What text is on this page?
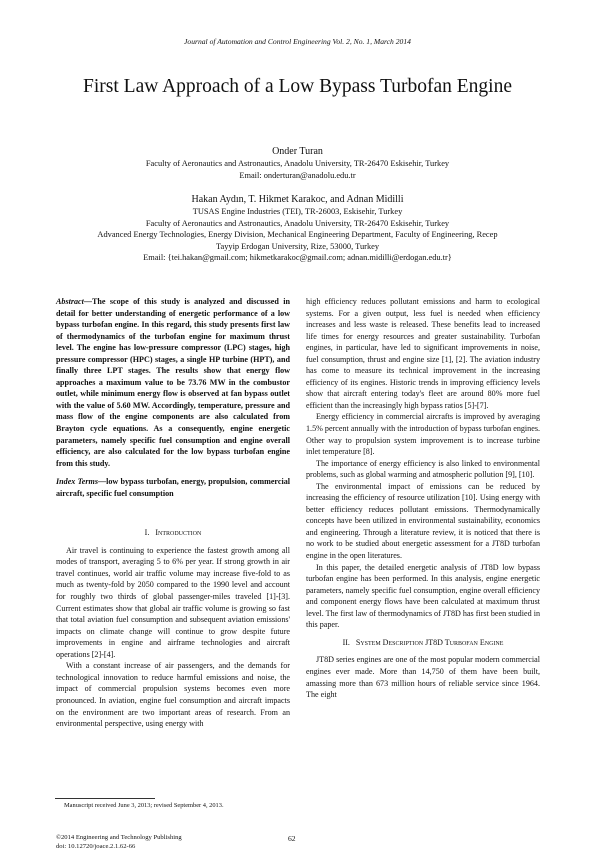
Journal of Automation and Control Engineering Vol. 2, No. 1, March 2014
First Law Approach of a Low Bypass Turbofan Engine
Onder Turan
Faculty of Aeronautics and Astronautics, Anadolu University, TR-26470 Eskisehir, Turkey
Email: onderturan@anadolu.edu.tr
Hakan Aydın, T. Hikmet Karakoc, and Adnan Midilli
TUSAS Engine Industries (TEI), TR-26003, Eskisehir, Turkey
Faculty of Aeronautics and Astronautics, Anadolu University, TR-26470 Eskisehir, Turkey
Advanced Energy Technologies, Energy Division, Mechanical Engineering Department, Faculty of Engineering, Recep
Tayyip Erdogan University, Rize, 53000, Turkey
Email: {tei.hakan@gmail.com; hikmetkarakoc@gmail.com; adnan.midilli@erdogan.edu.tr}

Abstract—The scope of this study is analyzed and discussed in detail for better understanding of energetic performance of a low bypass turbofan engine. In this regard, this study presents first law of thermodynamics of the turbofan engine for maximum thrust level. The engine has low-pressure compressor (LPC) stages, high pressure compressor (HPC) stages, a single HP turbine (HPT), and finally three LPT stages. The results show that energy flow approaches a maximum value to be 73.76 MW in the combustor outlet, while minimum energy flow is observed at fan bypass outlet with the value of 5.60 MW. Accordingly, temperature, pressure and mass flow of the engine components are also calculated from Brayton cycle equations. As a consequently, engine energetic parameters, namely specific fuel consumption and engine overall efficiency, are also calculated for the low bypass turbofan engine from this study.

Index Terms—low bypass turbofan, energy, propulsion, commercial aircraft, specific fuel consumption

I. Introduction

Air travel is continuing to experience the fastest growth among all modes of transport, averaging 5 to 6% per year. If strong growth in air travel continues, world air traffic volume may increase five-fold to as much as twenty-fold by 2050 compared to the 1990 level and account for roughly two thirds of global passenger-miles traveled [1]-[3]. Current estimates show that global air traffic volume is growing so fast that total aviation fuel consumption and subsequent aviation emissions' impacts on climate change will continue to grow despite future improvements in engine and airframe technologies and aircraft operations [2]-[4].

With a constant increase of air passengers, and the demands for technological innovation to reduce harmful emissions and noise, the impact of commercial propulsion systems becomes even more pronounced. In aviation, engine fuel consumption and aircraft impacts on the environment are two important areas of research. From an environmental perspective, using energy with

high efficiency reduces pollutant emissions and harm to ecological systems. For a given output, less fuel is needed when efficiency increases and less waste is released. These benefits lead to increased life times for energy resources and greater sustainability. Turbofan engines, in particular, have led to significant improvements in noise, fuel consumption, thrust and engine size [1], [2]. The aviation industry has come to measure its technical improvement in the increasing efficiency of its engines. Historic trends in improving efficiency levels show that aircraft entering today's fleet are around 80% more fuel efficient than the increasingly high bypass ratios [5]-[7].

Energy efficiency in commercial aircrafts is improved by averaging 1.5% percent annually with the introduction of bypass turbofan engines. Other way to propulsion system improvement is to increase turbine inlet temperature [8].

The importance of energy efficiency is also linked to environmental problems, such as global warming and atmospheric pollution [9], [10].

The environmental impact of emissions can be reduced by increasing the efficiency of resource utilization [10]. Using energy with better efficiency reduces pollutant emissions. Thermodynamically concepts have been utilized in environmental sustainability, economics and engineering. Through a literature review, it is noticed that there is no work to be studied about energetic assessment for a JT8D turbofan engine in the open literatures.

In this paper, the detailed energetic analysis of JT8D low bypass turbofan engine has been performed. In this analysis, engine energetic parameters, namely specific fuel consumption, engine overall efficiency and component energy flows have been calculated at maximum thrust level. The first law of thermodynamics of JT8D has first been studied in this paper.

II. System Description JT8D Turbofan Engine

JT8D series engines are one of the most popular modern commercial engines ever made. More than 14,750 of them have been built, amassing more than 673 million hours of reliable service since 1964. The eight

Manuscript received June 3, 2013; revised September 4, 2013.
©2014 Engineering and Technology Publishing
doi: 10.12720/joace.2.1.62-66
62
